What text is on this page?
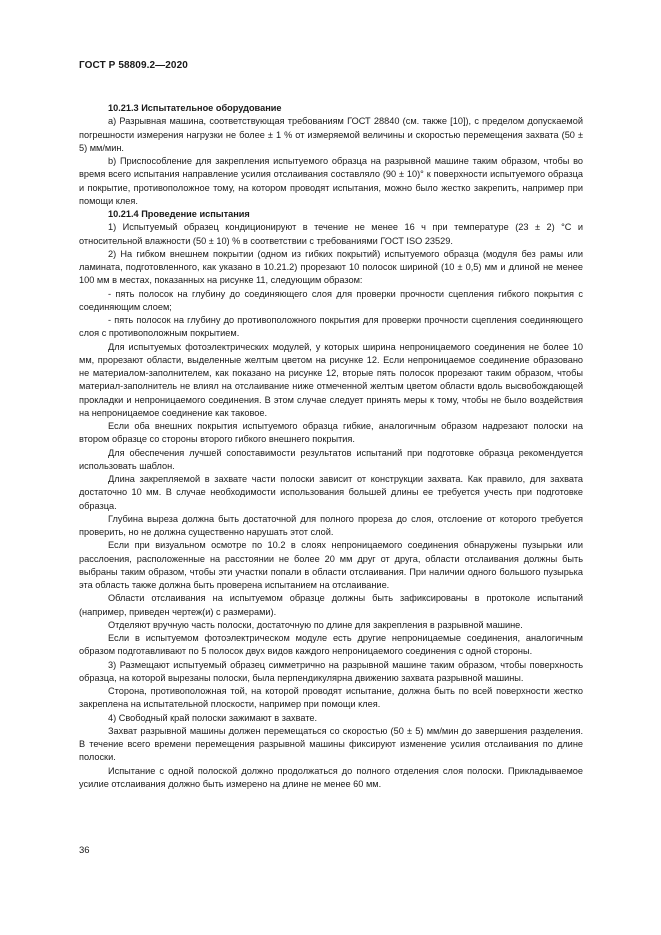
ГОСТ Р 58809.2—2020

10.21.3 Испытательное оборудование

a) Разрывная машина, соответствующая требованиям ГОСТ 28840 (см. также [10]), с пределом допускаемой погрешности измерения нагрузки не более ± 1 % от измеряемой величины и скоростью перемещения захвата (50 ± 5) мм/мин.

b) Приспособление для закрепления испытуемого образца на разрывной машине таким образом, чтобы во время всего испытания направление усилия отслаивания составляло (90 ± 10)° к поверхности испытуемого образца и покрытие, противоположное тому, на котором проводят испытания, можно было жестко закрепить, например при помощи клея.

10.21.4 Проведение испытания

1) Испытуемый образец кондиционируют в течение не менее 16 ч при температуре (23 ± 2) °C и относительной влажности (50 ± 10) % в соответствии с требованиями ГОСТ ISO 23529.

2) На гибком внешнем покрытии (одном из гибких покрытий) испытуемого образца (модуля без рамы или ламината, подготовленного, как указано в 10.21.2) прорезают 10 полосок шириной (10 ± 0,5) мм и длиной не менее 100 мм в местах, показанных на рисунке 11, следующим образом:

- пять полосок на глубину до соединяющего слоя для проверки прочности сцепления гибкого покрытия с соединяющим слоем;

- пять полосок на глубину до противоположного покрытия для проверки прочности сцепления соединяющего слоя с противоположным покрытием.

Для испытуемых фотоэлектрических модулей, у которых ширина непроницаемого соединения не более 10 мм, прорезают области, выделенные желтым цветом на рисунке 12. Если непроницаемое соединение образовано не материалом-заполнителем, как показано на рисунке 12, вторые пять полосок прорезают таким образом, чтобы материал-заполнитель не влиял на отслаивание ниже отмеченной желтым цветом области вдоль высвобождающей прокладки и непроницаемого соединения. В этом случае следует принять меры к тому, чтобы не было воздействия на непроницаемое соединение как таковое.

Если оба внешних покрытия испытуемого образца гибкие, аналогичным образом надрезают полоски на втором образце со стороны второго гибкого внешнего покрытия.

Для обеспечения лучшей сопоставимости результатов испытаний при подготовке образца рекомендуется использовать шаблон.

Длина закрепляемой в захвате части полоски зависит от конструкции захвата. Как правило, для захвата достаточно 10 мм. В случае необходимости использования большей длины ее требуется учесть при подготовке образца.

Глубина выреза должна быть достаточной для полного прореза до слоя, отслоение от которого требуется проверить, но не должна существенно нарушать этот слой.

Если при визуальном осмотре по 10.2 в слоях непроницаемого соединения обнаружены пузырьки или расслоения, расположенные на расстоянии не более 20 мм друг от друга, области отслаивания должны быть выбраны таким образом, чтобы эти участки попали в области отслаивания. При наличии одного большого пузырька эта область также должна быть проверена испытанием на отслаивание.

Области отслаивания на испытуемом образце должны быть зафиксированы в протоколе испытаний (например, приведен чертеж(и) с размерами).

Отделяют вручную часть полоски, достаточную по длине для закрепления в разрывной машине.

Если в испытуемом фотоэлектрическом модуле есть другие непроницаемые соединения, аналогичным образом подготавливают по 5 полосок двух видов каждого непроницаемого соединения с одной стороны.

3) Размещают испытуемый образец симметрично на разрывной машине таким образом, чтобы поверхность образца, на которой вырезаны полоски, была перпендикулярна движению захвата разрывной машины.

Сторона, противоположная той, на которой проводят испытание, должна быть по всей поверхности жестко закреплена на испытательной плоскости, например при помощи клея.

4) Свободный край полоски зажимают в захвате.

Захват разрывной машины должен перемещаться со скоростью (50 ± 5) мм/мин до завершения разделения. В течение всего времени перемещения разрывной машины фиксируют изменение усилия отслаивания по длине полоски.

Испытание с одной полоской должно продолжаться до полного отделения слоя полоски. Прикладываемое усилие отслаивания должно быть измерено на длине не менее 60 мм.

36
